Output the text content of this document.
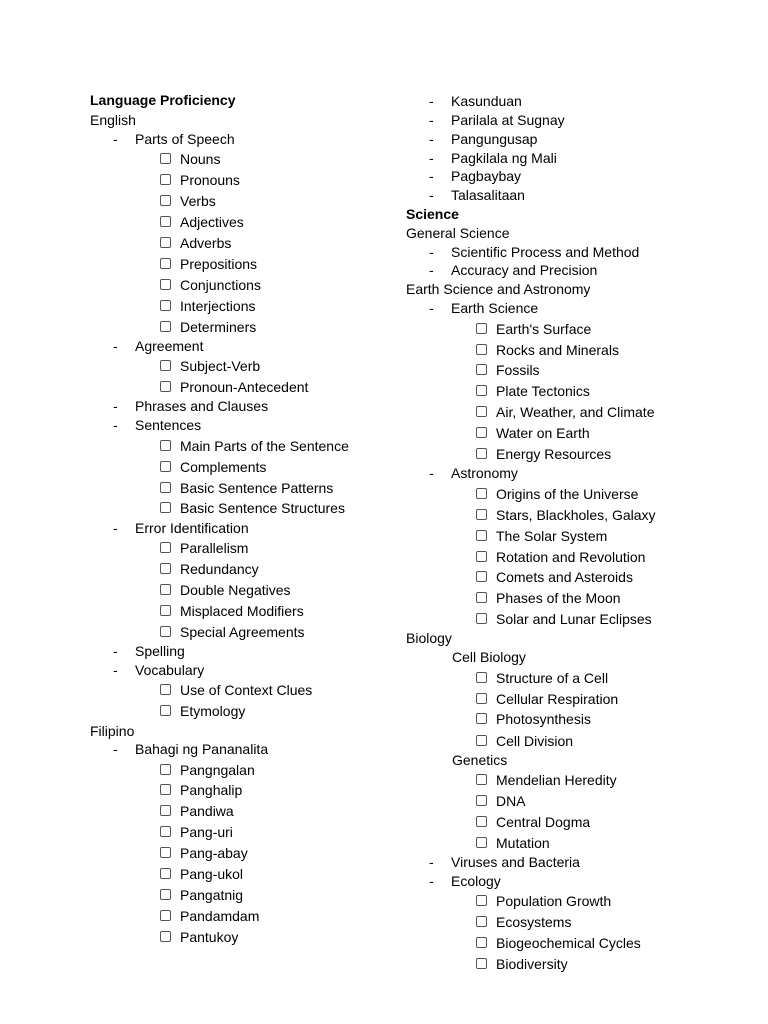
Language Proficiency
English
- Parts of Speech
Nouns
Pronouns
Verbs
Adjectives
Adverbs
Prepositions
Conjunctions
Interjections
Determiners
- Agreement
Subject-Verb
Pronoun-Antecedent
- Phrases and Clauses
- Sentences
Main Parts of the Sentence
Complements
Basic Sentence Patterns
Basic Sentence Structures
- Error Identification
Parallelism
Redundancy
Double Negatives
Misplaced Modifiers
Special Agreements
- Spelling
- Vocabulary
Use of Context Clues
Etymology
Filipino
- Bahagi ng Pananalita
Pangngalan
Panghalip
Pandiwa
Pang-uri
Pang-abay
Pang-ukol
Pangatnig
Pandamdam
Pantukoy
- Kasunduan
- Parilala at Sugnay
- Pangungusap
- Pagkilala ng Mali
- Pagbaybay
- Talasalitaan
Science
General Science
- Scientific Process and Method
- Accuracy and Precision
Earth Science and Astronomy
- Earth Science
Earth's Surface
Rocks and Minerals
Fossils
Plate Tectonics
Air, Weather, and Climate
Water on Earth
Energy Resources
- Astronomy
Origins of the Universe
Stars, Blackholes, Galaxy
The Solar System
Rotation and Revolution
Comets and Asteroids
Phases of the Moon
Solar and Lunar Eclipses
Biology
Cell Biology
Structure of a Cell
Cellular Respiration
Photosynthesis
Cell Division
Genetics
Mendelian Heredity
DNA
Central Dogma
Mutation
- Viruses and Bacteria
- Ecology
Population Growth
Ecosystems
Biogeochemical Cycles
Biodiversity
